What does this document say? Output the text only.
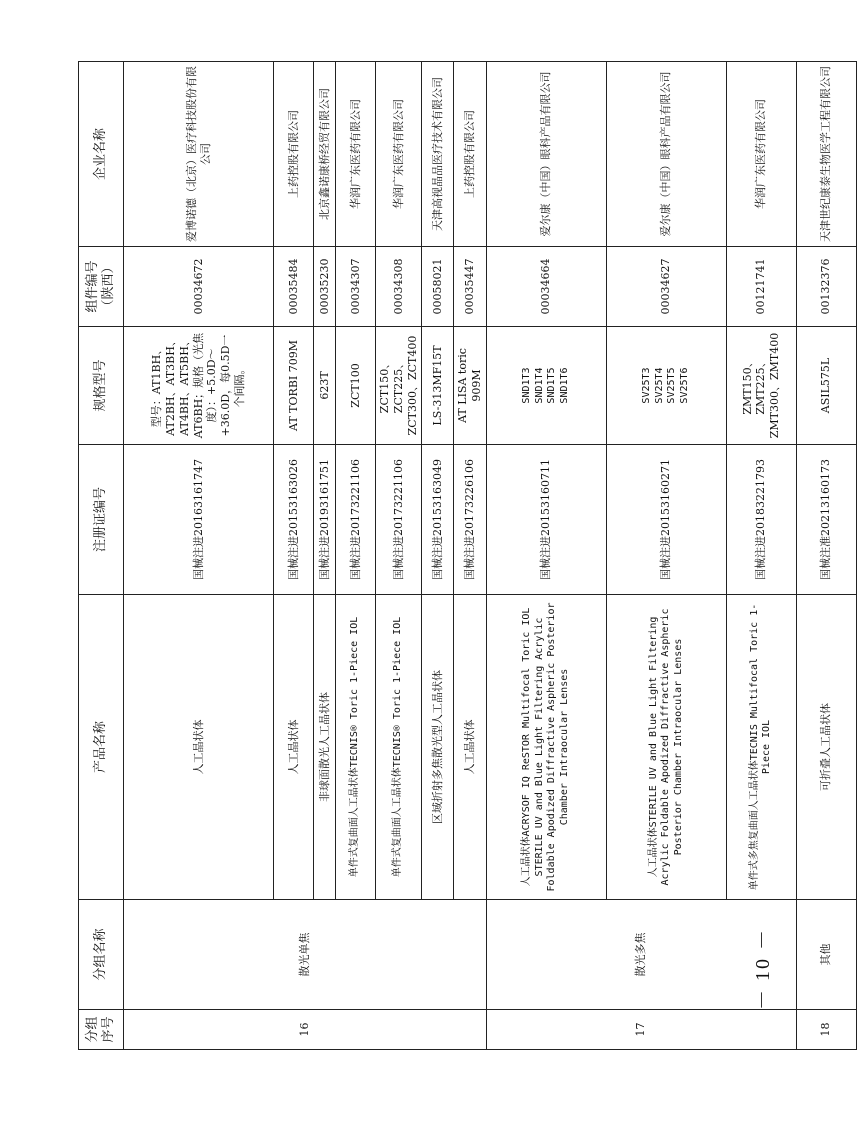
分组序号	分组名称	产品名称	注册证编号	规格型号	组件编号（陕西）	企业名称
16	散光单焦	人工晶状体	国械注进20163161747	型号：AT1BH、AT2BH、AT3BH、AT4BH、AT5BH、AT6BH；规格（光焦度）：+5.0D～+36.0D，每0.5D一个间隔。	00034672	爱博诺德（北京）医疗科技股份有限公司
		人工晶状体	国械注进20153163026	AT TORBI 709M	00035484	上药控股有限公司
		非球面散光人工晶状体	国械注进20193161751	623T	00035230	北京鑫诺康桥经贸有限公司
		单件式复曲面人工晶状体TECNIS® Toric 1-Piece IOL	国械注进20173221106	ZCT100	00034307	华润广东医药有限公司
		单件式复曲面人工晶状体TECNIS® Toric 1-Piece IOL	国械注进20173221106	ZCT150、ZCT225、ZCT300、ZCT400	00034308	华润广东医药有限公司
		区域折射多焦散光型人工晶状体	国械注进20153163049	LS-313MF15T	00058021	天津高视晶品医疗技术有限公司
		人工晶状体	国械注进20173226106	AT LISA toric 909M	00035447	上药控股有限公司
17	散光多焦	人工晶状体ACRYSOF IQ ReSTOR Multifocal Toric IOL STERILE UV and Blue Light Filtering Acrylic Foldable Apodized Diffractive Aspheric Posterior Chamber Intraocular Lenses	国械注进20153160711	SND1T3 SND1T4 SND1T5 SND1T6	00034664	爱尔康（中国）眼科产品有限公司
		人工晶状体STERILE UV and Blue Light Filtering Acrylic Foldable Apodized Diffractive Aspheric Posterior Chamber Intraocular Lenses	国械注进20153160271	SV25T3 SV25T4 SV25T5 SV25T6	00034627	爱尔康（中国）眼科产品有限公司
		单件式多焦复曲面人工晶状体TECNIS Multifocal Toric 1-Piece IOL	国械注进20183221793	ZMT150、ZMT225、ZMT300、ZMT400	00121741	华润广东医药有限公司
18	其他	可折叠人工晶状体	国械注准20213160173	ASIL575L	00132376	天津世纪康泰生物医学工程有限公司
－ 10 －
